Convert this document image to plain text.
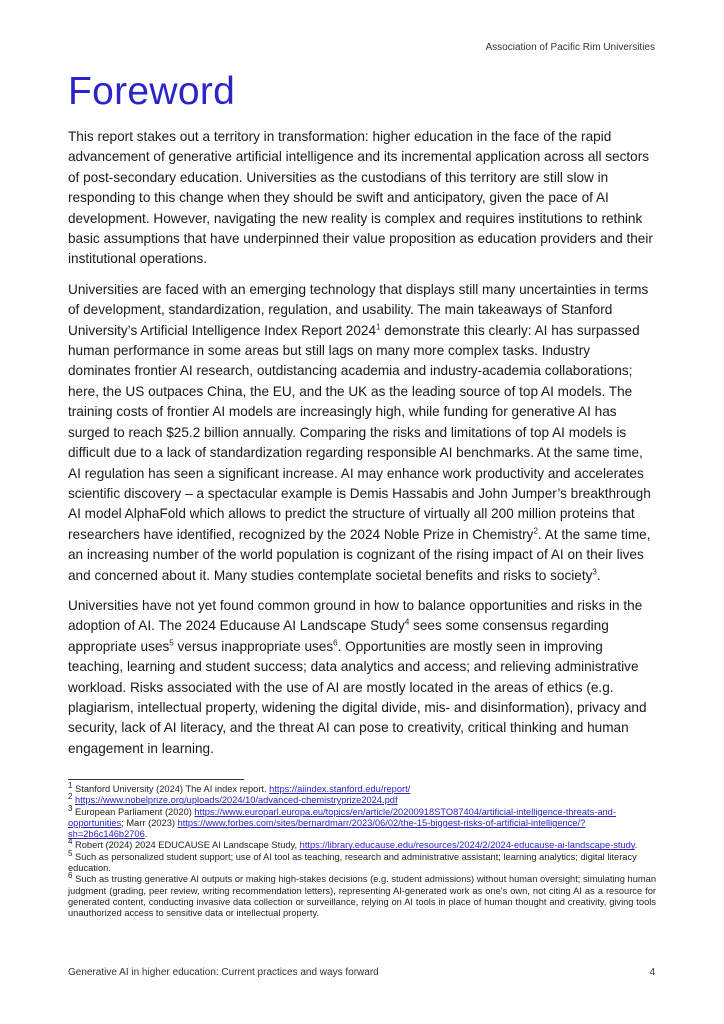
Association of Pacific Rim Universities
Foreword

This report stakes out a territory in transformation: higher education in the face of the rapid advancement of generative artificial intelligence and its incremental application across all sectors of post-secondary education. Universities as the custodians of this territory are still slow in responding to this change when they should be swift and anticipatory, given the pace of AI development. However, navigating the new reality is complex and requires institutions to rethink basic assumptions that have underpinned their value proposition as education providers and their institutional operations.

Universities are faced with an emerging technology that displays still many uncertainties in terms of development, standardization, regulation, and usability. The main takeaways of Stanford University’s Artificial Intelligence Index Report 2024$^1$ demonstrate this clearly: AI has surpassed human performance in some areas but still lags on many more complex tasks. Industry dominates frontier AI research, outdistancing academia and industry-academia collaborations; here, the US outpaces China, the EU, and the UK as the leading source of top AI models. The training costs of frontier AI models are increasingly high, while funding for generative AI has surged to reach $25.2 billion annually. Comparing the risks and limitations of top AI models is difficult due to a lack of standardization regarding responsible AI benchmarks. At the same time, AI regulation has seen a significant increase. AI may enhance work productivity and accelerates scientific discovery – a spectacular example is Demis Hassabis and John Jumper’s breakthrough AI model AlphaFold which allows to predict the structure of virtually all 200 million proteins that researchers have identified, recognized by the 2024 Noble Prize in Chemistry$^2$. At the same time, an increasing number of the world population is cognizant of the rising impact of AI on their lives and concerned about it. Many studies contemplate societal benefits and risks to society$^3$.

Universities have not yet found common ground in how to balance opportunities and risks in the adoption of AI. The 2024 Educause AI Landscape Study$^4$ sees some consensus regarding appropriate uses$^5$ versus inappropriate uses$^6$. Opportunities are mostly seen in improving teaching, learning and student success; data analytics and access; and relieving administrative workload. Risks associated with the use of AI are mostly located in the areas of ethics (e.g. plagiarism, intellectual property, widening the digital divide, mis- and disinformation), privacy and security, lack of AI literacy, and the threat AI can pose to creativity, critical thinking and human engagement in learning.

$^1$ Stanford University (2024) The AI index report. https://aiindex.stanford.edu/report/

$^2$ https://www.nobelprize.org/uploads/2024/10/advanced-chemistryprize2024.pdf

$^3$ European Parliament (2020) https://www.europarl.europa.eu/topics/en/article/20200918STO87404/artificial-intelligence-threats-and-opportunities; Marr (2023) https://www.forbes.com/sites/bernardmarr/2023/06/02/the-15-biggest-risks-of-artificial-intelligence/?sh=2b6c146b2706.

$^4$ Robert (2024) 2024 EDUCAUSE AI Landscape Study, https://library.educause.edu/resources/2024/2/2024-educause-ai-landscape-study.

$^5$ Such as personalized student support; use of AI tool as teaching, research and administrative assistant; learning analytics; digital literacy education.

$^6$ Such as trusting generative AI outputs or making high-stakes decisions (e.g. student admissions) without human oversight; simulating human judgment (grading, peer review, writing recommendation letters), representing AI-generated work as one's own, not citing AI as a resource for generated content, conducting invasive data collection or surveillance, relying on AI tools in place of human thought and creativity, giving tools unauthorized access to sensitive data or intellectual property.

Generative AI in higher education: Current practices and ways forward	4
